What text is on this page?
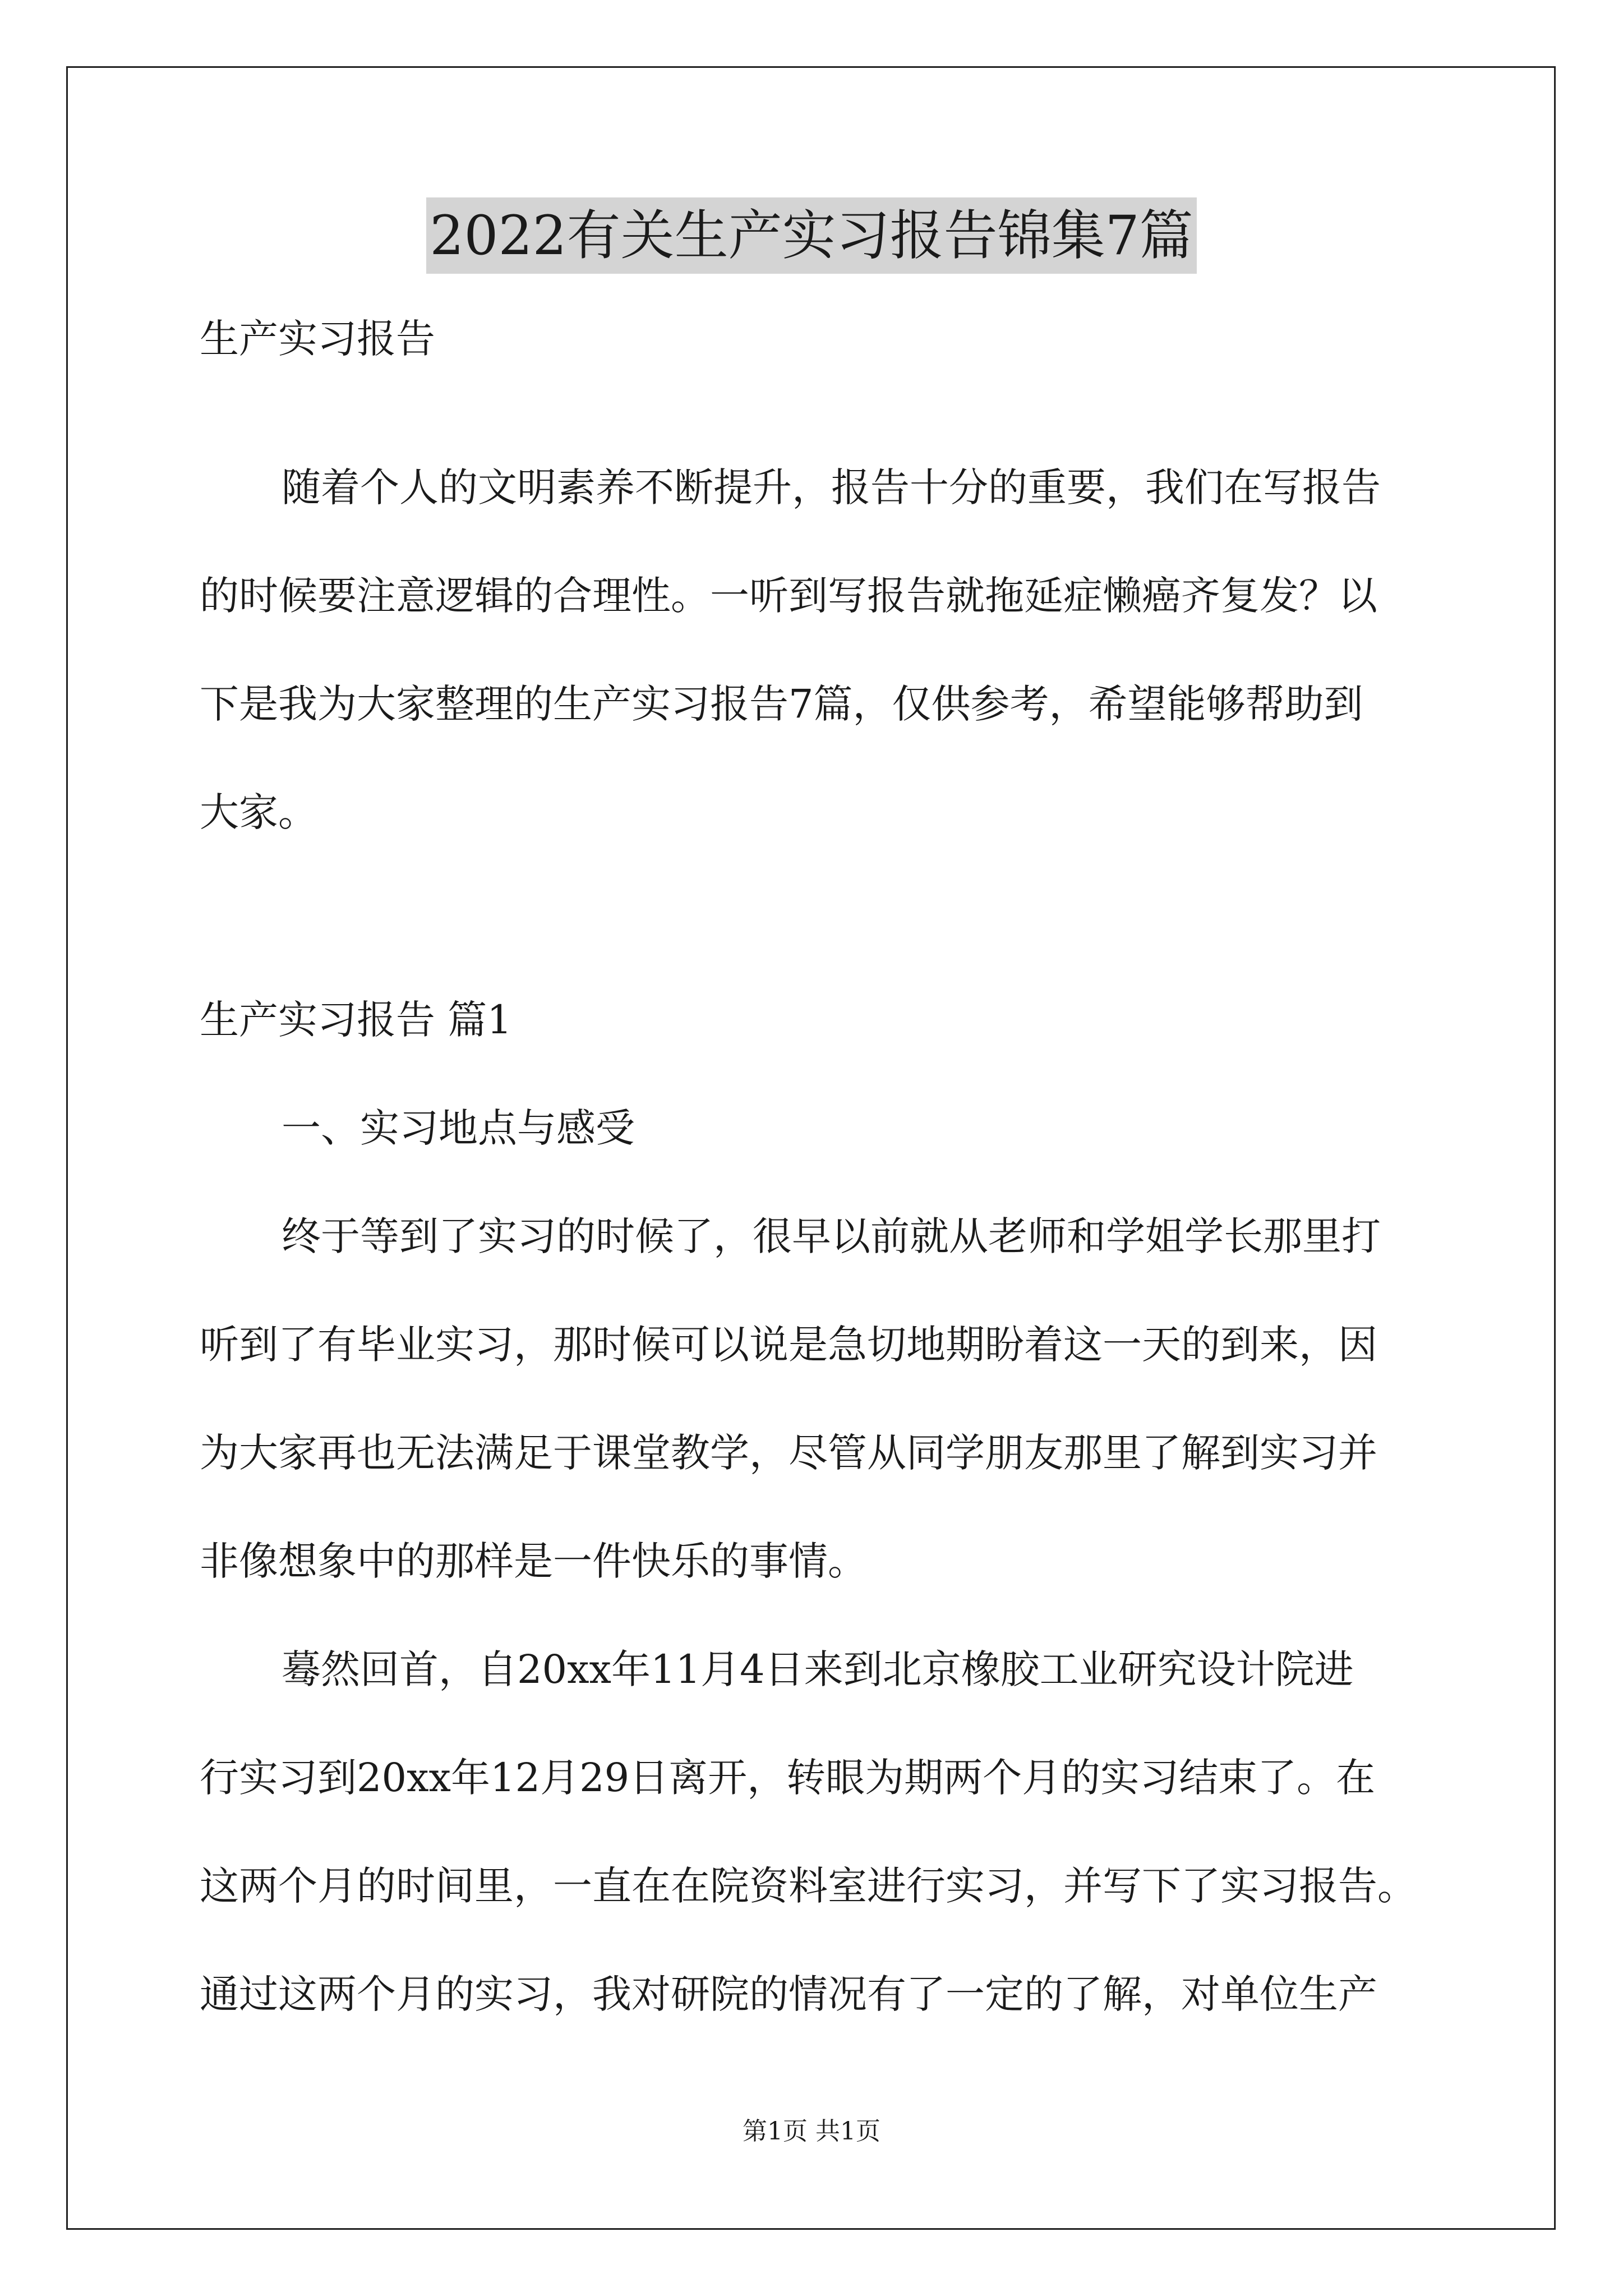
2022有关生产实习报告锦集7篇
生产实习报告
随着个人的文明素养不断提升，报告十分的重要，我们在写报告
的时候要注意逻辑的合理性。一听到写报告就拖延症懒癌齐复发？以
下是我为大家整理的生产实习报告7篇，仅供参考，希望能够帮助到
大家。
生产实习报告 篇1
一、实习地点与感受
终于等到了实习的时候了，很早以前就从老师和学姐学长那里打
听到了有毕业实习，那时候可以说是急切地期盼着这一天的到来，因
为大家再也无法满足于课堂教学，尽管从同学朋友那里了解到实习并
非像想象中的那样是一件快乐的事情。
蓦然回首，自20xx年11月4日来到北京橡胶工业研究设计院进
行实习到20xx年12月29日离开，转眼为期两个月的实习结束了。在
这两个月的时间里，一直在在院资料室进行实习，并写下了实习报告。
通过这两个月的实习，我对研院的情况有了一定的了解，对单位生产
第1页 共1页
